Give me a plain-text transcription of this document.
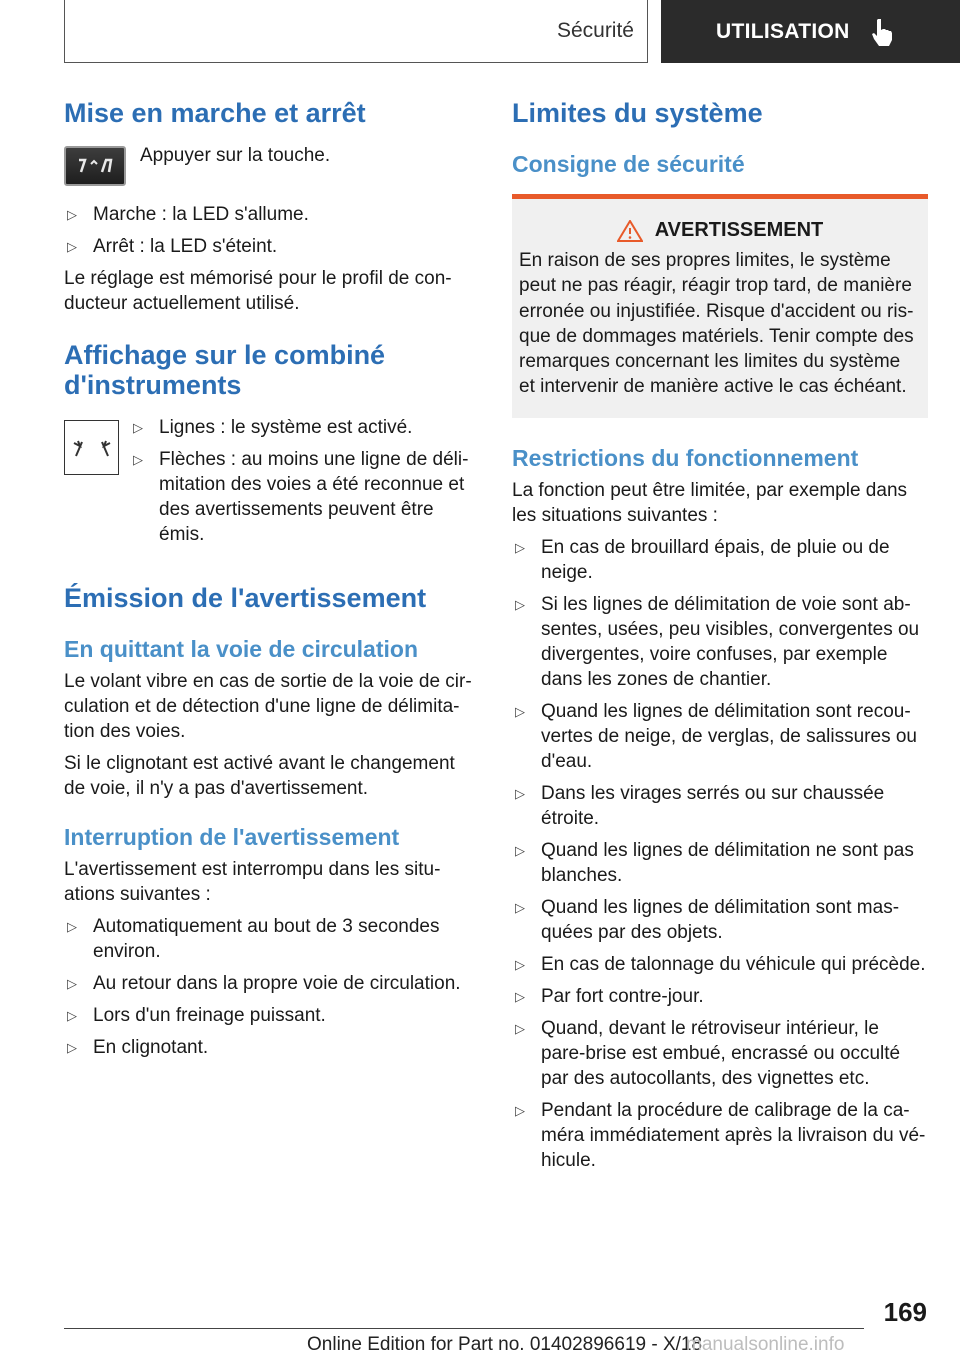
Sécurité	UTILISATION
Mise en marche et arrêt

Appuyer sur la touche.

▷ Marche : la LED s'allume.
▷ Arrêt : la LED s'éteint.

Le réglage est mémorisé pour le profil de con-ducteur actuellement utilisé.

Affichage sur le combiné d'instruments
▷ Lignes : le système est activé.
▷ Flèches : au moins une ligne de déli-mitation des voies a été reconnue et des avertissements peuvent être émis.
Émission de l'avertissement
En quittant la voie de circulation

Le volant vibre en cas de sortie de la voie de cir-culation et de détection d'une ligne de délimita-tion des voies.

Si le clignotant est activé avant le changement de voie, il n'y a pas d'avertissement.

Interruption de l'avertissement

L'avertissement est interrompu dans les situ-ations suivantes :

▷ Automatiquement au bout de 3 secondes environ.
▷ Au retour dans la propre voie de circulation.
▷ Lors d'un freinage puissant.
▷ En clignotant.
Limites du système
Consigne de sécurité
AVERTISSEMENT

En raison de ses propres limites, le système peut ne pas réagir, réagir trop tard, de manière erronée ou injustifiée. Risque d'accident ou ris-que de dommages matériels. Tenir compte des remarques concernant les limites du système et intervenir de manière active le cas échéant.

Restrictions du fonctionnement

La fonction peut être limitée, par exemple dans les situations suivantes :

▷ En cas de brouillard épais, de pluie ou de neige.
▷ Si les lignes de délimitation de voie sont ab-sentes, usées, peu visibles, convergentes ou divergentes, voire confuses, par exemple dans les zones de chantier.
▷ Quand les lignes de délimitation sont recou-vertes de neige, de verglas, de salissures ou d'eau.
▷ Dans les virages serrés ou sur chaussée étroite.
▷ Quand les lignes de délimitation ne sont pas blanches.
▷ Quand les lignes de délimitation sont mas-quées par des objets.
▷ En cas de talonnage du véhicule qui précède.
▷ Par fort contre-jour.
▷ Quand, devant le rétroviseur intérieur, le pare-brise est embué, encrassé ou occulté par des autocollants, des vignettes etc.
▷ Pendant la procédure de calibrage de la ca-méra immédiatement après la livraison du vé-hicule.
169
Online Edition for Part no. 01402896619 - X/18
manualsonline.info
